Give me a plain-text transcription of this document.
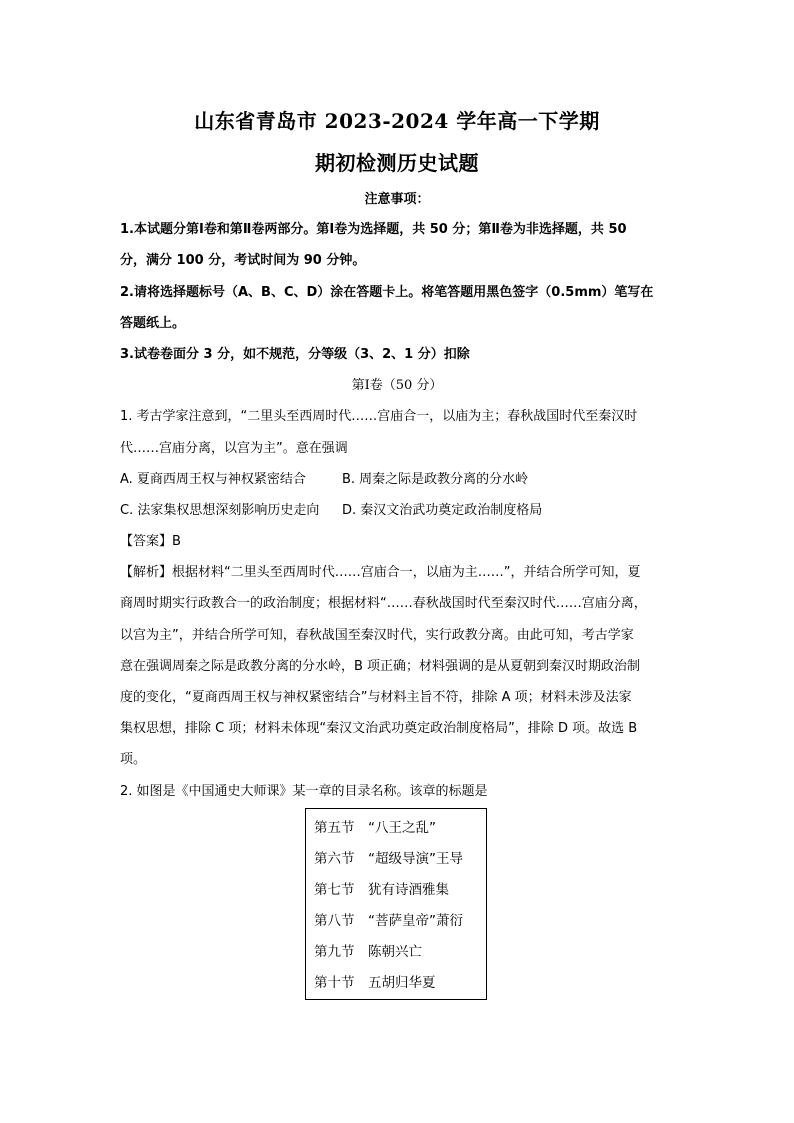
山东省青岛市 2023-2024 学年高一下学期
期初检测历史试题
注意事项：
1.本试题分第Ⅰ卷和第Ⅱ卷两部分。第Ⅰ卷为选择题，共 50 分；第Ⅱ卷为非选择题，共 50
分，满分 100 分，考试时间为 90 分钟。
2.请将选择题标号（A、B、C、D）涂在答题卡上。将笔答题用黑色签字（0.5mm）笔写在
答题纸上。
3.试卷卷面分 3 分，如不规范，分等级（3、2、1 分）扣除
第Ⅰ卷（50 分）
1. 考古学家注意到，“二里头至西周时代……宫庙合一，以庙为主；春秋战国时代至秦汉时
代……宫庙分离，以宫为主”。意在强调
A. 夏商西周王权与神权紧密结合	B. 周秦之际是政教分离的分水岭
C. 法家集权思想深刻影响历史走向 D. 秦汉文治武功奠定政治制度格局
【答案】B
【解析】根据材料“二里头至西周时代……宫庙合一，以庙为主……”，并结合所学可知，夏
商周时期实行政教合一的政治制度；根据材料“……春秋战国时代至秦汉时代……宫庙分离，
以宫为主”，并结合所学可知，春秋战国至秦汉时代，实行政教分离。由此可知，考古学家
意在强调周秦之际是政教分离的分水岭，B 项正确；材料强调的是从夏朝到秦汉时期政治制
度的变化，“夏商西周王权与神权紧密结合”与材料主旨不符，排除 A 项；材料未涉及法家
集权思想，排除 C 项；材料未体现“秦汉文治武功奠定政治制度格局”，排除 D 项。故选 B
项。
2. 如图是《中国通史大师课》某一章的目录名称。该章的标题是
第五节 “八王之乱”
第六节 “超级导演”王导
第七节 犹有诗酒雅集
第八节 “菩萨皇帝”萧衍
第九节 陈朝兴亡
第十节 五胡归华夏
